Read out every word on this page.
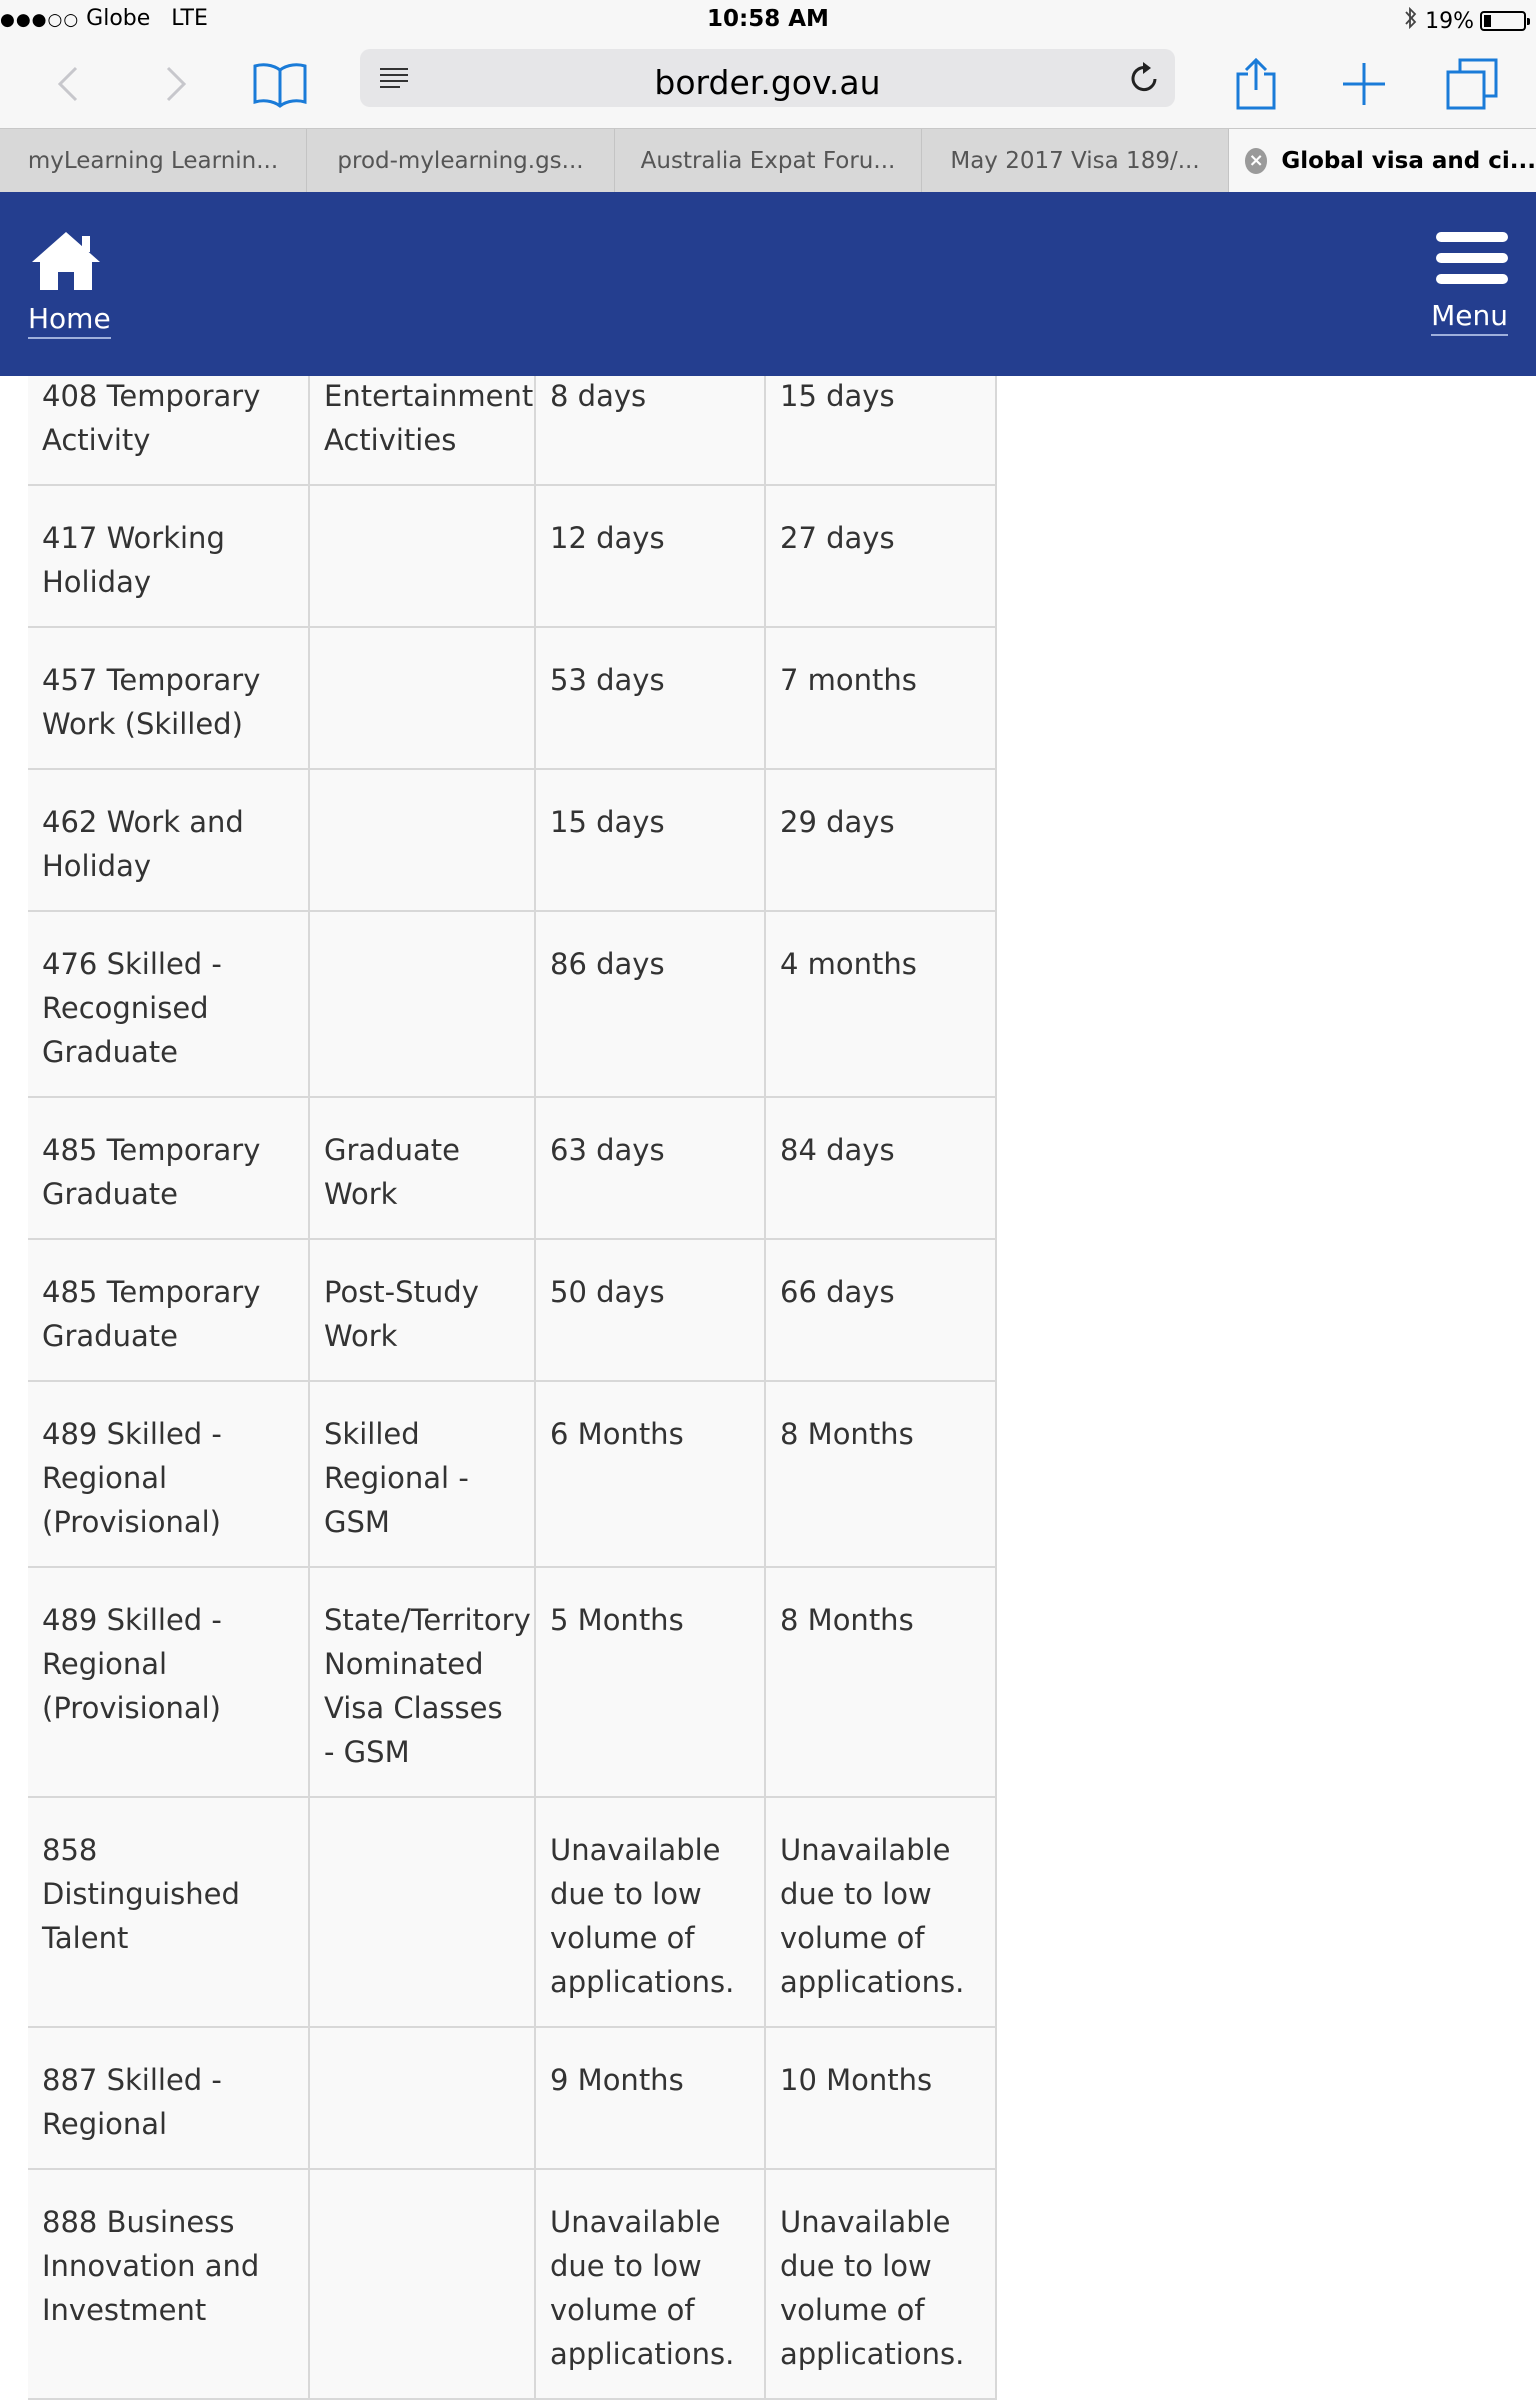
●●●○○ Globe LTE	10:58 AM	19%
border.gov.au
myLearning Learnin...	prod-mylearning.gs... Australia Expat Foru... May 2017 Visa 189/...	× Global visa and ci...
Home	Menu
408 Temporary Activity	Entertainment Activities	8 days	15 days
417 Working Holiday		12 days	27 days
457 Temporary Work (Skilled)		53 days	7 months
462 Work and Holiday		15 days	29 days
476 Skilled - Recognised Graduate		86 days	4 months
485 Temporary Graduate	Graduate Work	63 days	84 days
485 Temporary Graduate	Post-Study Work	50 days	66 days
489 Skilled - Regional (Provisional)	Skilled Regional - GSM	6 Months	8 Months
489 Skilled - Regional (Provisional)	State/Territory Nominated Visa Classes - GSM	5 Months	8 Months
858 Distinguished Talent		Unavailable due to low volume of applications.	Unavailable due to low volume of applications.
887 Skilled - Regional		9 Months	10 Months
888 Business Innovation and Investment		Unavailable due to low volume of applications.	Unavailable due to low volume of applications.
